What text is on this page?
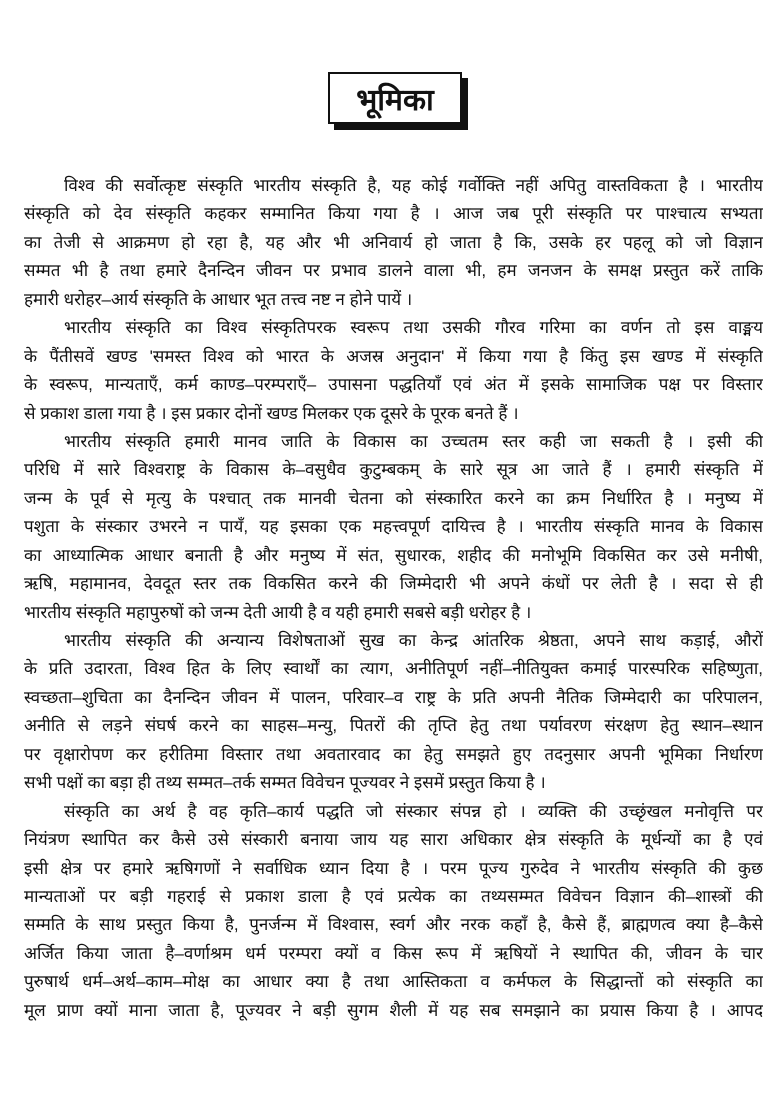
भूमिका
विश्व की सर्वोत्कृष्ट संस्कृति भारतीय संस्कृति है, यह कोई गर्वोक्ति नहीं अपितु वास्तविकता है । भारतीय
संस्कृति को देव संस्कृति कहकर सम्मानित किया गया है । आज जब पूरी संस्कृति पर पाश्चात्य सभ्यता
का तेजी से आक्रमण हो रहा है, यह और भी अनिवार्य हो जाता है कि, उसके हर पहलू को जो विज्ञान
सम्मत भी है तथा हमारे दैनन्दिन जीवन पर प्रभाव डालने वाला भी, हम जनजन के समक्ष प्रस्तुत करें ताकि
हमारी धरोहर–आर्य संस्कृति के आधार भूत तत्त्व नष्ट न होने पायें ।
भारतीय संस्कृति का विश्व संस्कृतिपरक स्वरूप तथा उसकी गौरव गरिमा का वर्णन तो इस वाङ्मय
के पैंतीसवें खण्ड 'समस्त विश्व को भारत के अजस्र अनुदान' में किया गया है किंतु इस खण्ड में संस्कृति
के स्वरूप, मान्यताएँ, कर्म काण्ड–परम्पराएँ– उपासना पद्धतियाँ एवं अंत में इसके सामाजिक पक्ष पर विस्तार
से प्रकाश डाला गया है । इस प्रकार दोनों खण्ड मिलकर एक दूसरे के पूरक बनते हैं ।
भारतीय संस्कृति हमारी मानव जाति के विकास का उच्चतम स्तर कही जा सकती है । इसी की
परिधि में सारे विश्वराष्ट्र के विकास के–वसुधैव कुटुम्बकम् के सारे सूत्र आ जाते हैं । हमारी संस्कृति में
जन्म के पूर्व से मृत्यु के पश्चात् तक मानवी चेतना को संस्कारित करने का क्रम निर्धारित है । मनुष्य में
पशुता के संस्कार उभरने न पायँ, यह इसका एक महत्त्वपूर्ण दायित्त्व है । भारतीय संस्कृति मानव के विकास
का आध्यात्मिक आधार बनाती है और मनुष्य में संत, सुधारक, शहीद की मनोभूमि विकसित कर उसे मनीषी,
ऋषि, महामानव, देवदूत स्तर तक विकसित करने की जिम्मेदारी भी अपने कंधों पर लेती है । सदा से ही
भारतीय संस्कृति महापुरुषों को जन्म देती आयी है व यही हमारी सबसे बड़ी धरोहर है ।
भारतीय संस्कृति की अन्यान्य विशेषताओं सुख का केन्द्र आंतरिक श्रेष्ठता, अपने साथ कड़ाई, औरों
के प्रति उदारता, विश्व हित के लिए स्वार्थों का त्याग, अनीतिपूर्ण नहीं–नीतियुक्त कमाई पारस्परिक सहिष्णुता,
स्वच्छता–शुचिता का दैनन्दिन जीवन में पालन, परिवार–व राष्ट्र के प्रति अपनी नैतिक जिम्मेदारी का परिपालन,
अनीति से लड़ने संघर्ष करने का साहस–मन्यु, पितरों की तृप्ति हेतु तथा पर्यावरण संरक्षण हेतु स्थान–स्थान
पर वृक्षारोपण कर हरीतिमा विस्तार तथा अवतारवाद का हेतु समझते हुए तदनुसार अपनी भूमिका निर्धारण
सभी पक्षों का बड़ा ही तथ्य सम्मत–तर्क सम्मत विवेचन पूज्यवर ने इसमें प्रस्तुत किया है ।
संस्कृति का अर्थ है वह कृति–कार्य पद्धति जो संस्कार संपन्न हो । व्यक्ति की उच्छृंखल मनोवृत्ति पर
नियंत्रण स्थापित कर कैसे उसे संस्कारी बनाया जाय यह सारा अधिकार क्षेत्र संस्कृति के मूर्धन्यों का है एवं
इसी क्षेत्र पर हमारे ऋषिगणों ने सर्वाधिक ध्यान दिया है । परम पूज्य गुरुदेव ने भारतीय संस्कृति की कुछ
मान्यताओं पर बड़ी गहराई से प्रकाश डाला है एवं प्रत्येक का तथ्यसम्मत विवेचन विज्ञान की–शास्त्रों की
सम्मति के साथ प्रस्तुत किया है, पुनर्जन्म में विश्वास, स्वर्ग और नरक कहाँ है, कैसे हैं, ब्राह्मणत्व क्या है–कैसे
अर्जित किया जाता है–वर्णाश्रम धर्म परम्परा क्यों व किस रूप में ऋषियों ने स्थापित की, जीवन के चार
पुरुषार्थ धर्म–अर्थ–काम–मोक्ष का आधार क्या है तथा आस्तिकता व कर्मफल के सिद्धान्तों को संस्कृति का
मूल प्राण क्यों माना जाता है, पूज्यवर ने बड़ी सुगम शैली में यह सब समझाने का प्रयास किया है । आपद
